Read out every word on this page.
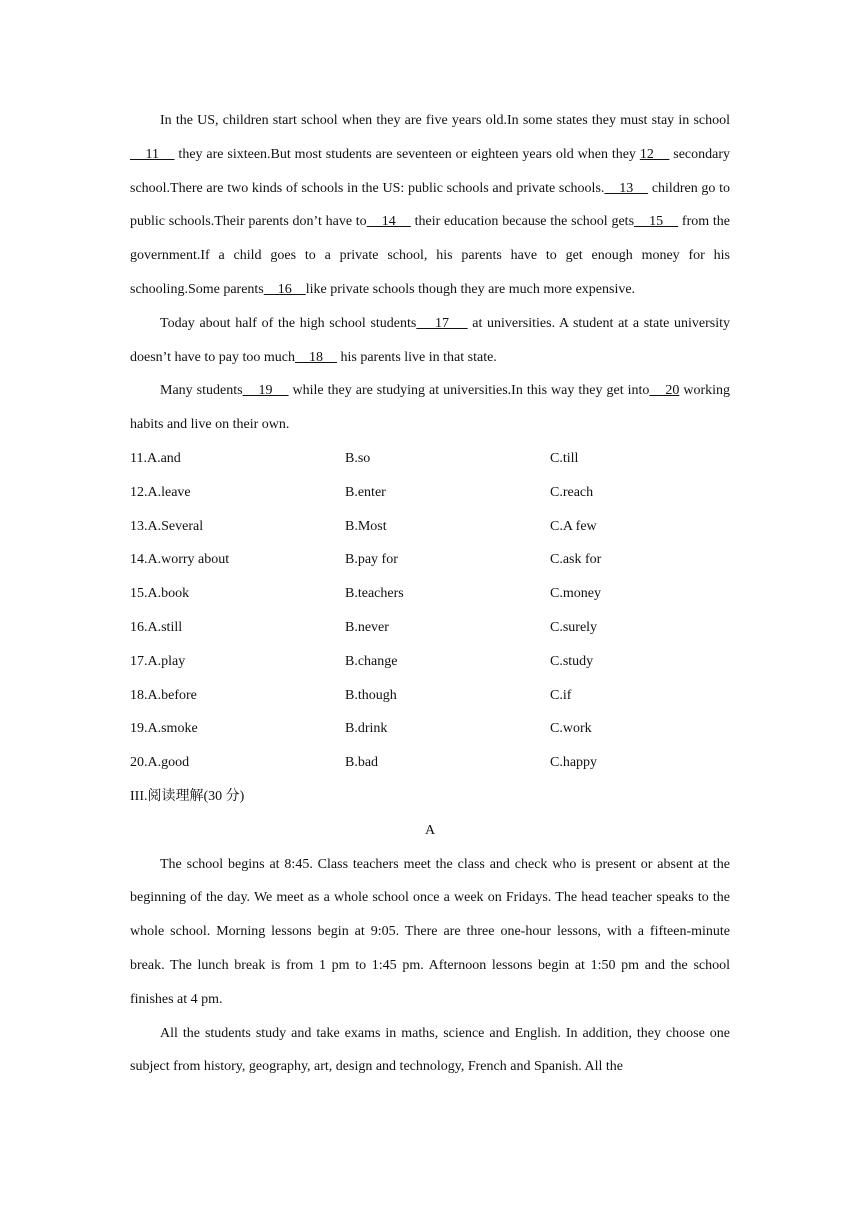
In the US, children start school when they are five years old.In some states they must stay in school    11     they are sixteen.But most students are seventeen or eighteen years old when they 12     secondary school.There are two kinds of schools in the US: public schools and private schools.    13     children go to public schools.Their parents don’t have to    14     their education because the school gets    15     from the government.If a child goes to a private school, his parents have to get enough money for his schooling.Some parents    16    like private schools though they are much more expensive.

Today about half of the high school students    17     at universities. A student at a state university doesn’t have to pay too much    18     his parents live in that state.

Many students    19     while they are studying at universities.In this way they get into    20 working habits and live on their own.

11.A.and	B.so	C.till
12.A.leave	B.enter	C.reach
13.A.Several	B.Most	C.A few
14.A.worry about	B.pay for	C.ask for
15.A.book	B.teachers	C.money
16.A.still	B.never	C.surely
17.A.play	B.change	C.study
18.A.before	B.though	C.if
19.A.smoke	B.drink	C.work
20.A.good	B.bad	C.happy

III.阅读理解(30 分)

A

The school begins at 8:45. Class teachers meet the class and check who is present or absent at the beginning of the day. We meet as a whole school once a week on Fridays. The head teacher speaks to the whole school. Morning lessons begin at 9:05. There are three one-hour lessons, with a fifteen-minute break. The lunch break is from 1 pm to 1:45 pm. Afternoon lessons begin at 1:50 pm and the school finishes at 4 pm.

All the students study and take exams in maths, science and English. In addition, they choose one subject from history, geography, art, design and technology, French and Spanish. All the
